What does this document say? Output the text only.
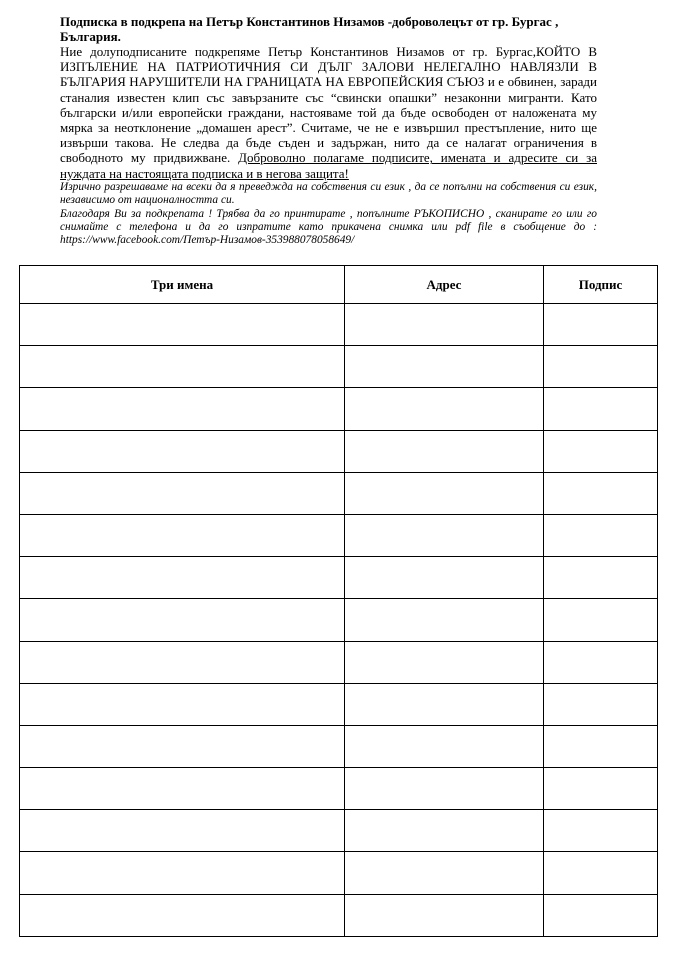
Подписка в подкрепа на Петър Константинов Низамов -доброволецът от гр. Бургас , България.

Ние долуподписаните подкрепяме Петър Константинов Низамов от гр. Бургас,КОЙТО В ИЗПЪЛЕНИЕ НА ПАТРИОТИЧНИЯ СИ ДЪЛГ ЗАЛОВИ НЕЛЕГАЛНО НАВЛЯЗЛИ В БЪЛГАРИЯ НАРУШИТЕЛИ НА ГРАНИЦАТА НА ЕВРОПЕЙСКИЯ СЪЮЗ и е обвинен, заради станалия известен клип със завързаните със “свински опашки” незаконни мигранти. Като български и/или европейски граждани, настояваме той да бъде освободен от наложената му мярка за неотклонение „домашен арест”. Считаме, че не е извършил престъпление, нито ще извърши такова. Не следва да бъде съден и задържан, нито да се налагат ограничения в свободното му придвижване. Доброволно полагаме подписите, имената и адресите си за нуждата на настоящата подписка и в негова защита!

Изрично разрешаваме на всеки да я преведжда на собствения си език , да се попълни на собствения си език, независимо от националността си.

Благодаря Ви за подкрепата ! Трябва да го принтирате , попълните РЪКОПИСНО , сканирате го или го снимайте с телефона и да го изпратите като прикачена снимка или pdf file в съобщение до : https://www.facebook.com/Петър-Низамов-353988078058649/

Три имена	Адрес	Подпис
